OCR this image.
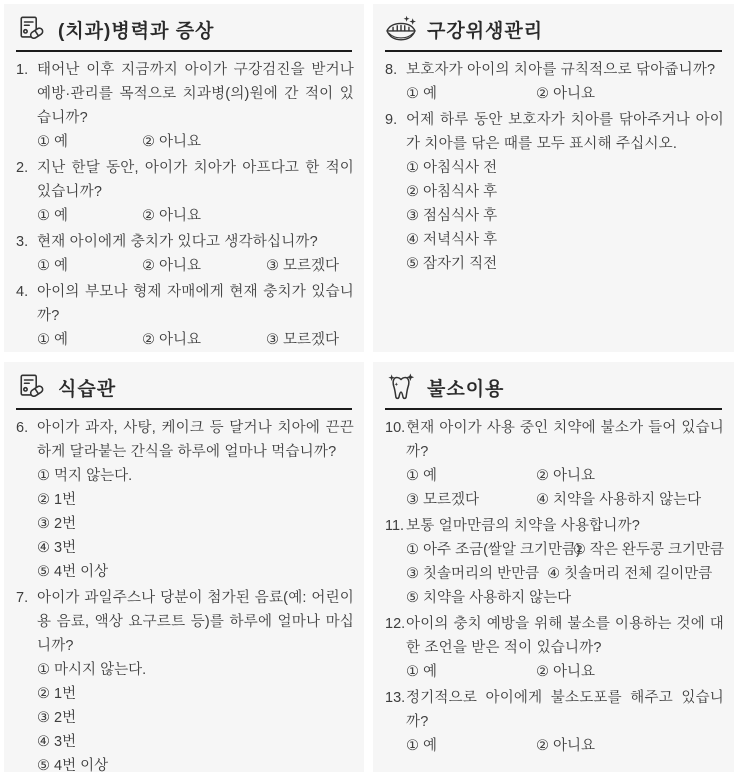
(치과)병력과 증상
1. 태어난 이후 지금까지 아이가 구강검진을 받거나 예방·관리를 목적으로 치과병(의)원에 간 적이 있습니까?
① 예	② 아니요
2. 지난 한달 동안, 아이가 치아가 아프다고 한 적이 있습니까?
① 예	② 아니요
3. 현재 아이에게 충치가 있다고 생각하십니까?
① 예	② 아니요	③ 모르겠다
4. 아이의 부모나 형제 자매에게 현재 충치가 있습니까?
① 예	② 아니요	③ 모르겠다
구강위생관리
8. 보호자가 아이의 치아를 규칙적으로 닦아줍니까?
① 예	② 아니요
9. 어제 하루 동안 보호자가 치아를 닦아주거나 아이가 치아를 닦은 때를 모두 표시해 주십시오.
① 아침식사 전
② 아침식사 후
③ 점심식사 후
④ 저녁식사 후
⑤ 잠자기 직전
식습관
6. 아이가 과자, 사탕, 케이크 등 달거나 치아에 끈끈하게 달라붙는 간식을 하루에 얼마나 먹습니까?
① 먹지 않는다.
② 1번
③ 2번
④ 3번
⑤ 4번 이상
7. 아이가 과일주스나 당분이 첨가된 음료(예: 어린이용 음료, 액상 요구르트 등)를 하루에 얼마나 마십니까?
① 마시지 않는다.
② 1번
③ 2번
④ 3번
⑤ 4번 이상
불소이용
10. 현재 아이가 사용 중인 치약에 불소가 들어 있습니까?
① 예	② 아니요
③ 모르겠다	④ 치약을 사용하지 않는다
11. 보통 얼마만큼의 치약을 사용합니까?
① 아주 조금(쌀알 크기만큼)
② 작은 완두콩 크기만큼
③ 칫솔머리의 반만큼 ④ 칫솔머리 전체 길이만큼
⑤ 치약을 사용하지 않는다
12. 아이의 충치 예방을 위해 불소를 이용하는 것에 대한 조언을 받은 적이 있습니까?
① 예	② 아니요
13. 정기적으로 아이에게 불소도포를 해주고 있습니까?
① 예	② 아니요
